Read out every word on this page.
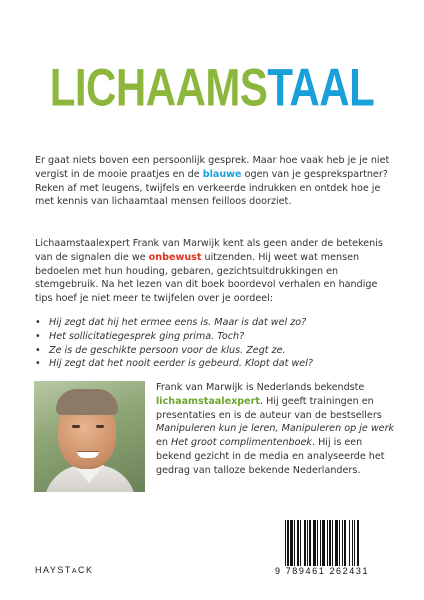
LICHAAMSTAAL

Er gaat niets boven een persoonlijk gesprek. Maar hoe vaak heb je je niet vergist in de mooie praatjes en de blauwe ogen van je gesprekspartner? Reken af met leugens, twijfels en verkeerde indrukken en ontdek hoe je met kennis van lichaamtaal mensen feilloos doorziet.

Lichaamstaalexpert Frank van Marwijk kent als geen ander de betekenis van de signalen die we onbewust uitzenden. Hij weet wat mensen bedoelen met hun houding, gebaren, gezichtsuitdrukkingen en stemgebruik. Na het lezen van dit boek boordevol verhalen en handige tips hoef je niet meer te twijfelen over je oordeel:

• Hij zegt dat hij het ermee eens is. Maar is dat wel zo?
• Het sollicitatiegesprek ging prima. Toch?
• Ze is de geschikte persoon voor de klus. Zegt ze.
• Hij zegt dat het nooit eerder is gebeurd. Klopt dat wel?

Frank van Marwijk is Nederlands bekendste lichaamstaalexpert. Hij geeft trainingen en presentaties en is de auteur van de bestsellers Manipuleren kun je leren, Manipuleren op je werk en Het groot complimentenboek. Hij is een bekend gezicht in de media en analyseerde het gedrag van talloze bekende Nederlanders.

HAYSTACK	9 789461 262431
